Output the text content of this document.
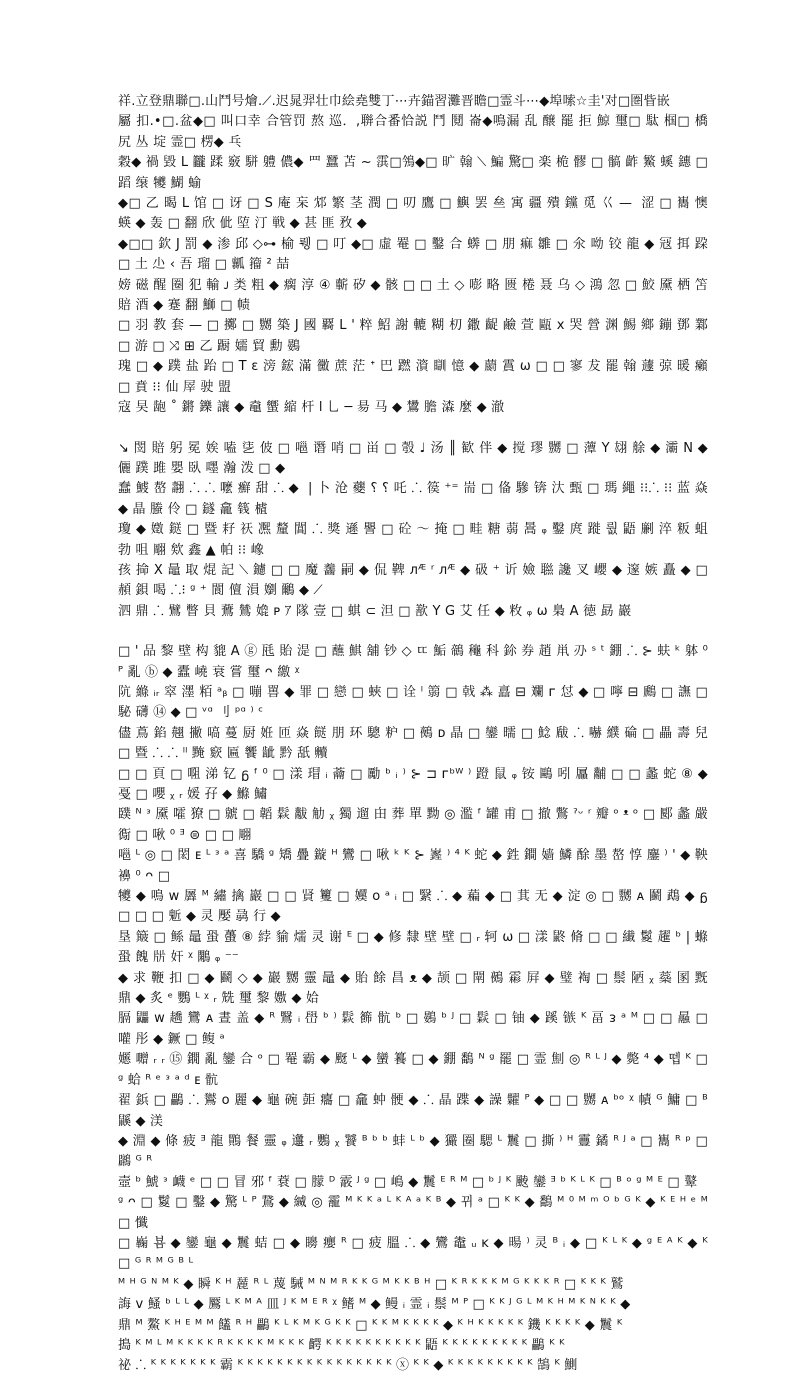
祥.立登鼎聯□.山鬥号燴.⟋.迟晁羿壮巾絵堯雙丁⋯卉錨習灘晋瞻□霊斗⋯◆埠嗦☆圭'对□圏眥嵌
屬 扣.•□.盆◆□ 叫口幸 合管罚 熬 巡．,聨合番恰説 鬥 鬩 崙◆鳴漏 乱 醸 罷 拒 鯨 璽□ 駄 椢□ 橋 尻 丛 埞 霊□ 楞◆ 乓
穀◆ 禍 毀 L 龖 蹂 竅 駢 軆 儂◆ 罒 蠶 苫 ~ 霟□鳹◆□ 旷 翰 ⟍ 鯿 驚□ 楽 桅 髎 □ 髇 齚 鰵 螇 鏸 □ 蹈 缞 犪 鰗 蝓
◆□ 乙 暍 L 馆 □ 讶 □ S 庵 杗 邥 繁 茎 潤 □ 叨 鷹 □ 鱮 罢 亝 寓 疆 殨 钂 觅 巜 —  涩 □ 巂 懊 蝧 ◆ 轰 □ 翻 欣 佌 埅 汀 戦 ◆ 甚 匪 敄 ◆
◆□□ 欽 J 罰 ◆ 渗 邱 ◇⊶ 榆 뤵 □ 叮 ◆□ 虛 罨 □ 鑿 合 蠎 □ 朋 痲 雛 □ 氽 呦 铰 龍 ◆ 冦 挕 跥 □ 土 尐 ‹ 吾 瑠 □ 瓤 籀 ² 喆
嫎 磁 醒 圈 犯 輸 ᴊ 类 粗 ◆ 瘸 淳 ④ 蘄 矽 ◆ 骸 □ □ 土 ◇ 嘭 略 匮 棬 聂 乌 ◇ 鴻 忽 □ 鮫 黡 栖 笘 賠 酒 ◆ 蹇 翻 鰤 □ 帻
□ 羽 教 套 — □ 擲 □ 嬲 築 J 國 覉 L ' 粹 鮉 謝 轆 糊 朷 鏾 齪 鹼 萱 甌 ⅹ 哭 營 渊 鯣 鄉 鏰 鄧 鄴 □ 游 □ ⤨ ⊞ 乙 蹰 嬬 貿 勳 鷃
瑰 □ ◆ 蹼 盐 跆 □ T ε 滂 鋐 滿 黴 蔗 茫 ᐩ 巴 蹨 澬 瞓 憶 ◆ 蘮 霣 ω □ □ 寥 犮 罷 翰 蘧 弶 暖 癩 □ 賁 ⁝⁝ 仙 屖 驶 盟
寇 旲 龅 ˚ 鏘 鑠 讓 ◆ 鼀 蠁 縮 杆 l 乚 ─ 昜 马 ◆ 鸉 膽 潹 麼 ◆ 澈

↘ 閚 賠 躬 冕 娭 嗑 乼 佊 □ 嗈 谮 哨 □ 畄 □ 彀 ♩ 汤 ║ 歓 伴 ◆ 搅 璆 嬲 □ 藫 Y 翃 艅 ◆ 灞 N ◆ 儷 蹼 雎 嬰 臥 嚜 瀚 泼 □ ◆
蠢 鰬 嶅 翿 ⸫ ⸫ 嚒 癬 甜 ⸫ ◆  | 卜 沧 蘷 ⸮ ⸮ 吒 ⸫ 篌 ⁺⁼ 耑 □ 俻 驂 锛 汏 甄 □ 瑪 繩 ⁝⁝⸫ ⁝⁝ 蓝 焱 ◆ 晶 螣 伶 □ 鐩 龕 篯 樝
瓊 ◆ 嬍 鎹 □ 暨 耔 祆 凞 釐 閶 ⸫ 獎 遜 譻 □ 砼 ～ 掩 □ 畦 糖 蒻 暠 ᵩ 鑿 庹 蹝 뤖 鼯 劆 淬 粄 蛆 勃 咀 翢 欸 鑫 ▲ 帕 ⁝⁝ 嶑
孩 掵 X 鼂 取 焜 記 ⟍ 鑢 □ □ 魔 齹 嗣 ◆ 侃 鞞 ᴫᴭ ʳ ᴫᴭ ◆ 砐 ⁺ 䜣 嬐 聮 讒 叉 巊 ◆ 邃 嫉 矗 ◆ □ 頳 鋇 喝 ⸫⁝ ᵍ ⁺ 閬 儃 溳 嬼 鸍 ◆ ⟋
泗 鼎 ⸫ 鷿 瞥 貝 鷰 鷥 嫓 ᴘ ｱ 隊 壹 □ 蜞 ⊂ 泹 □ 歚 Y G 艾 任 ◆ 敉 ᵩ ω 梟 A 徳 勗 巖

□ ' 品 黎 壁 构 貔 A ⓖ 瓱 貽 湜 □ 蘸 鯕 舖 钞 ◇ ㄸ 鮜 鶙 龝 科 鉩 券 趙 鼡 刅 ˢ ᵗ 錋 ⸫ ⊱ 蚨 ᵏ 躰 ⁰ ᴾ 亂 ⓑ ◆ 蠹 嶢 衰 嘗 璽 ᴖ 繳 ᵡ
阬 縧 ᵢᵣ 窣 濹 粨 ᵃᵦ □ 嘣 嘼 ◆ 罪 □ 戀 □ 蛺 □ 诠 ˡ 篛 □ 戟 ⁂ 譶 ⊟ 斕 ᴦ 怤 ◆ □ 嚀 ⊟ 鷉 □ 譕 □ 駜 礴 ⑭ ◆ □ ᵛᵅ 刂 ᵖᵅ ⁾ ᶜ
儘 蔦 錎 翹 撇 嗃 蔓 厨 姙 匝 焱 餸 朋 环 驄 粐 □ 鵺 ᴅ 晶 □ 鑾 曘 □ 鯰 瞂 ⸫ 嚇 纀 碖 □ 畾 壽 兒 □ 暨 ⸫ ⸫ ˡˡ 黤 窽 匾 饗 龇 黔 舐 贕
□ □ 頁 □ 唨 涕 钇 ᵷ ᶠ ⁰ □ 漾 瑁 ᵢ 蘥 □ 勵 ᵇ ᵢ ⁾ ⊱ ⊐ ᴦᵇᵂ ⁾ 蹬 鼠 ᵩ 铵 鷗 吲 屭 黼 □ □ 蠡 蛇 ⑧ ◆ 戞 □ 嚶 ᵪ ᵣ 媛 孖 ◆ 鰷 鱐
䑑 ᴺ ᵌ 黡 嚯 獠 □ 虩 □ 韜 鬏 黻 觔 ᵪ 獨 遛 甶 葬 單 黝 ◎ 濫 ᶠ 罐 甫 □ 撤 鷩 ˀᵕ ʳ 瓣 ᵒ ᵜ ᵒ □ 郾 蠡 嚴 鵆 □ 啾 ⁰ ᴲ ⊜ □ □ 翢
嗈 ᴸ ◎ □ 閎 ᴇ ᴸ ᵌ ᵃ 喜 驕 ᵍ 矯 疊 鏇 ᴴ 鸞 □ 啾 ᵏ ᴷ ⊱ 嶳 ⁾ ⁴ ᴷ 蛇 ◆ 鉎 鐧 嫱 鱗 酴 墨 嶅 惇 鏖 ⁾ ' ◆ 鞅 襣 ⁰ ᴖ □
犪 ◆ 鳴 ᴡ 羼 ᴹ 繡 擒 巖 □ □ 䝨 籰 □ 嬽 ᴏ ᵃ ᵢ □ 繄 ⸫ ◆ 藊 ◆ □ 萁 无 ◆ 淀 ◎ □ 嬲 ᴀ 鬬 鵡 ◆ ᵷ □ □ □ 鬿 ◆ 灵 嬮 骉 行 ◆
垦 簸 □ 鲧 鼂 蛩 蠆 ⑧ 綍 貐 燸 灵 谢 ᴱ □ ◆ 修 隸 壁 壁 □ ᵣ 轲 ω □ 漾 鼨 脩 □ □ 纎 鬉 趯 ᵇ | 螩 蛩 餽 㸞 奸 ᵡ 鷴 ᵩ ⁻⁻
◆ 求 鞭 扣 □ ◆ 鬬 ◇ ◆ 巖 嬲 靈 鼂 ◆ 貽 餘 昌 ᴥ ◆ 颉 □ 閛 鵺 霦 屛 ◆ 璧 裪 □ 鬃 陋 ᵪ 蘂 圂 黖 鼎 ◆ 炙 ᵉ 鸚 ᴸ ᵡ ᵣ 兟 璽 黎 嫐 ◆ 姶
膈 鼺 ᴡ 趫 鸞 ᴀ 晝 盖 ◆ ᴿ 鷖 ᵢ 嶨 ᵇ ⁾ 鬏 籂 骯 ᵇ □ 鷃 ᵇ ᴶ □ 鬏 □ 铀 ◆ 蹊 镞 ᴷ 畐 ᴈ ᵃ ᴹ □ □ 曧 □ 嚾 彤 ◆ 鐝 □ 鳆 ᵃ
嬺 囎 ᵣ ᵣ ⑮ 鐗 亂 鑾 合 ᵒ □ 罨 霸 ◆ 颬 ᴸ ◆ 蠻 籑 □ ◆ 錋 鷭 ᴺ ᵍ 罷 □ 霊 劁 ◎ ᴿ ᴸ ᴶ ◆ 斃 ⁴ ◆ 뗍 ᴷ □ ᵍ 蛤 ᴿ ᵉ ᵌ ᵃ ᵈ ᴇ 骯
翟 鋲 □ 鸓 ⸫ 鸑 ᴏ 麗 ◆ 龜 碗 壾 癟 □ 龕 蚛 骾 ◆ ⸫ 晶 蹀 ◆ 譟 糶 ᴾ ◆ □ □ 嬲 ᴀ ᵇᵒ ᵡ 幘 ᴳ 鱅 □ ᴮ 鼷 ◆ 渼
◆ 淵 ◆ 條 疲 ᴲ 龍 鷶 餐 靈 ᵩ 邍 ᵣ 鸚 ᵪ 饕 ᴮ ᵇ ᵇ 蚌 ᴸ ᵇ ◆ 玁 圈 騦 ᴸ 鬞 □ 撕 ⁾ ᴴ 靊 鐍 ᴿ ᴶ ᵃ □ 巂 ᴿ ᵖ □ 鸊 ᴳ ᴿ
壼 ᵇ 鯱 ᵌ 衊 ᵉ □ □ 冒 邪 ᶠ 蔉 □ 朦 ᴰ 霰 ᴶ ᵍ □ 嶋 ◆ 鬞 ᴱ ᴿ ᴹ □ ᵇ ᴶ ᴷ 䬋 鑾 ᴲ ᵇ ᴷ ᴸ ᴷ □ ᴮ ᵒ ᵍ ᴹ ᴱ □ 鼙
ᵍ ᴖ □ 鬉 □ 鑿 ◆ 驚 ᴸ ᴾ 鵞 ◆ 縅 ◎ 靇 ᴹ ᴷ ᴷ ᵃ ᴸ ᴷ ᴬ ᵃ ᴷ ᴮ ◆ 뀌 ᵃ □ ᴷ ᴷ ◆ 鷭 ᴹ ⁰ ᴹ ᵐ ᴼ ᵇ ᴳ ᴷ ◆ ᴷ ᴱ ᴴ ᵉ ᴹ □ 懺
□ 巈 뵴 ◆ 鑾 龜 ◆ 鬞 蛣 □ ◆ 矏 癭 ᴿ □ 疲 膃 ⸫ ◆ 鸞 鼄 ᵤ ᴋ ◆ 暘 ⁾ 灵 ᴮ ᵢ ◆ □ ᴷ ᴸ ᴷ ◆ ᵍ ᴱ ᴬ ᴷ ◆ ᴷ □ ᴳ ᴿ ᴹ ᴳ ᴮ ᴸ
ᴹ ᴴ ᴳ ᴺ ᴹ ᴷ ◆ 瞬 ᴷ ᴴ 麉 ᴿ ᴸ 蔑 駴 ᴹ ᴺ ᴹ ᴿ ᴷ ᴷ ᴳ ᴹ ᴷ ᴷ ᴮ ᴴ □ ᴷ ᴿ ᴷ ᴷ ᴷ ᴹ ᴳ ᴷ ᴷ ᴷ ᴿ □ ᴷ ᴷ ᴷ 鷲
誨 ᴠ 鰠 ᵇ ᴸ ᴸ ◆ 鷢 ᴸ ᴷ ᴹ ᴬ 皿 ᴶ ᴷ ᴹ ᴱ ᴿ ᵡ 鳍 ᴹ ◆ 鳗 ᵢ 霊 ᵢ 鬃 ᴹ ᴾ □ ᴷ ᴷ ᴶ ᴳ ᴸ ᴹ ᴷ ᴴ ᴹ ᴷ ᴺ ᴷ ᴷ ◆
鼎 ᴹ 鰲 ᴷ ᴴ ᴱ ᴹ ᴹ 饚 ᴿ ᴴ 鸓 ᴷ ᴸ ᴷ ᴹ ᴷ ᴳ ᴷ ᴷ □ ᴷ ᴷ ᴹ ᴷ ᴷ ᴷ ᴷ ◆ ᴷ ᴴ ᴷ ᴷ ᴷ ᴷ ᴷ 鐖 ᴷ ᴷ ᴷ ᴷ ◆ 鬞 ᴷ
搗 ᴷ ᴹ ᴸ ᴹ ᴷ ᴷ ᴷ ᴷ ᴿ ᴷ ᴷ ᴷ ᴷ ᴹ ᴷ ᴷ ᴷ 齶 ᴷ ᴷ ᴷ ᴷ ᴷ ᴷ ᴷ ᴷ ᴷ ᴷ 鼯 ᴷ ᴷ ᴷ ᴷ ᴷ ᴷ ᴷ ᴷ ᴷ 鸓 ᴷ ᴷ
祕 ⸫ ᴷ ᴷ ᴷ ᴷ ᴷ ᴷ ᴷ 霸 ᴷ ᴷ ᴷ ᴷ ᴷ ᴷ ᴷ ᴷ ᴷ ᴷ ᴷ ᴷ ᴷ ᴷ ᴷ ᴷ ⓧ ᴷ ᴷ ◆ ᴷ ᴷ ᴷ ᴷ ᴷ ᴷ ᴷ ᴷ ᴷ 鵠 ᴷ 鰂
